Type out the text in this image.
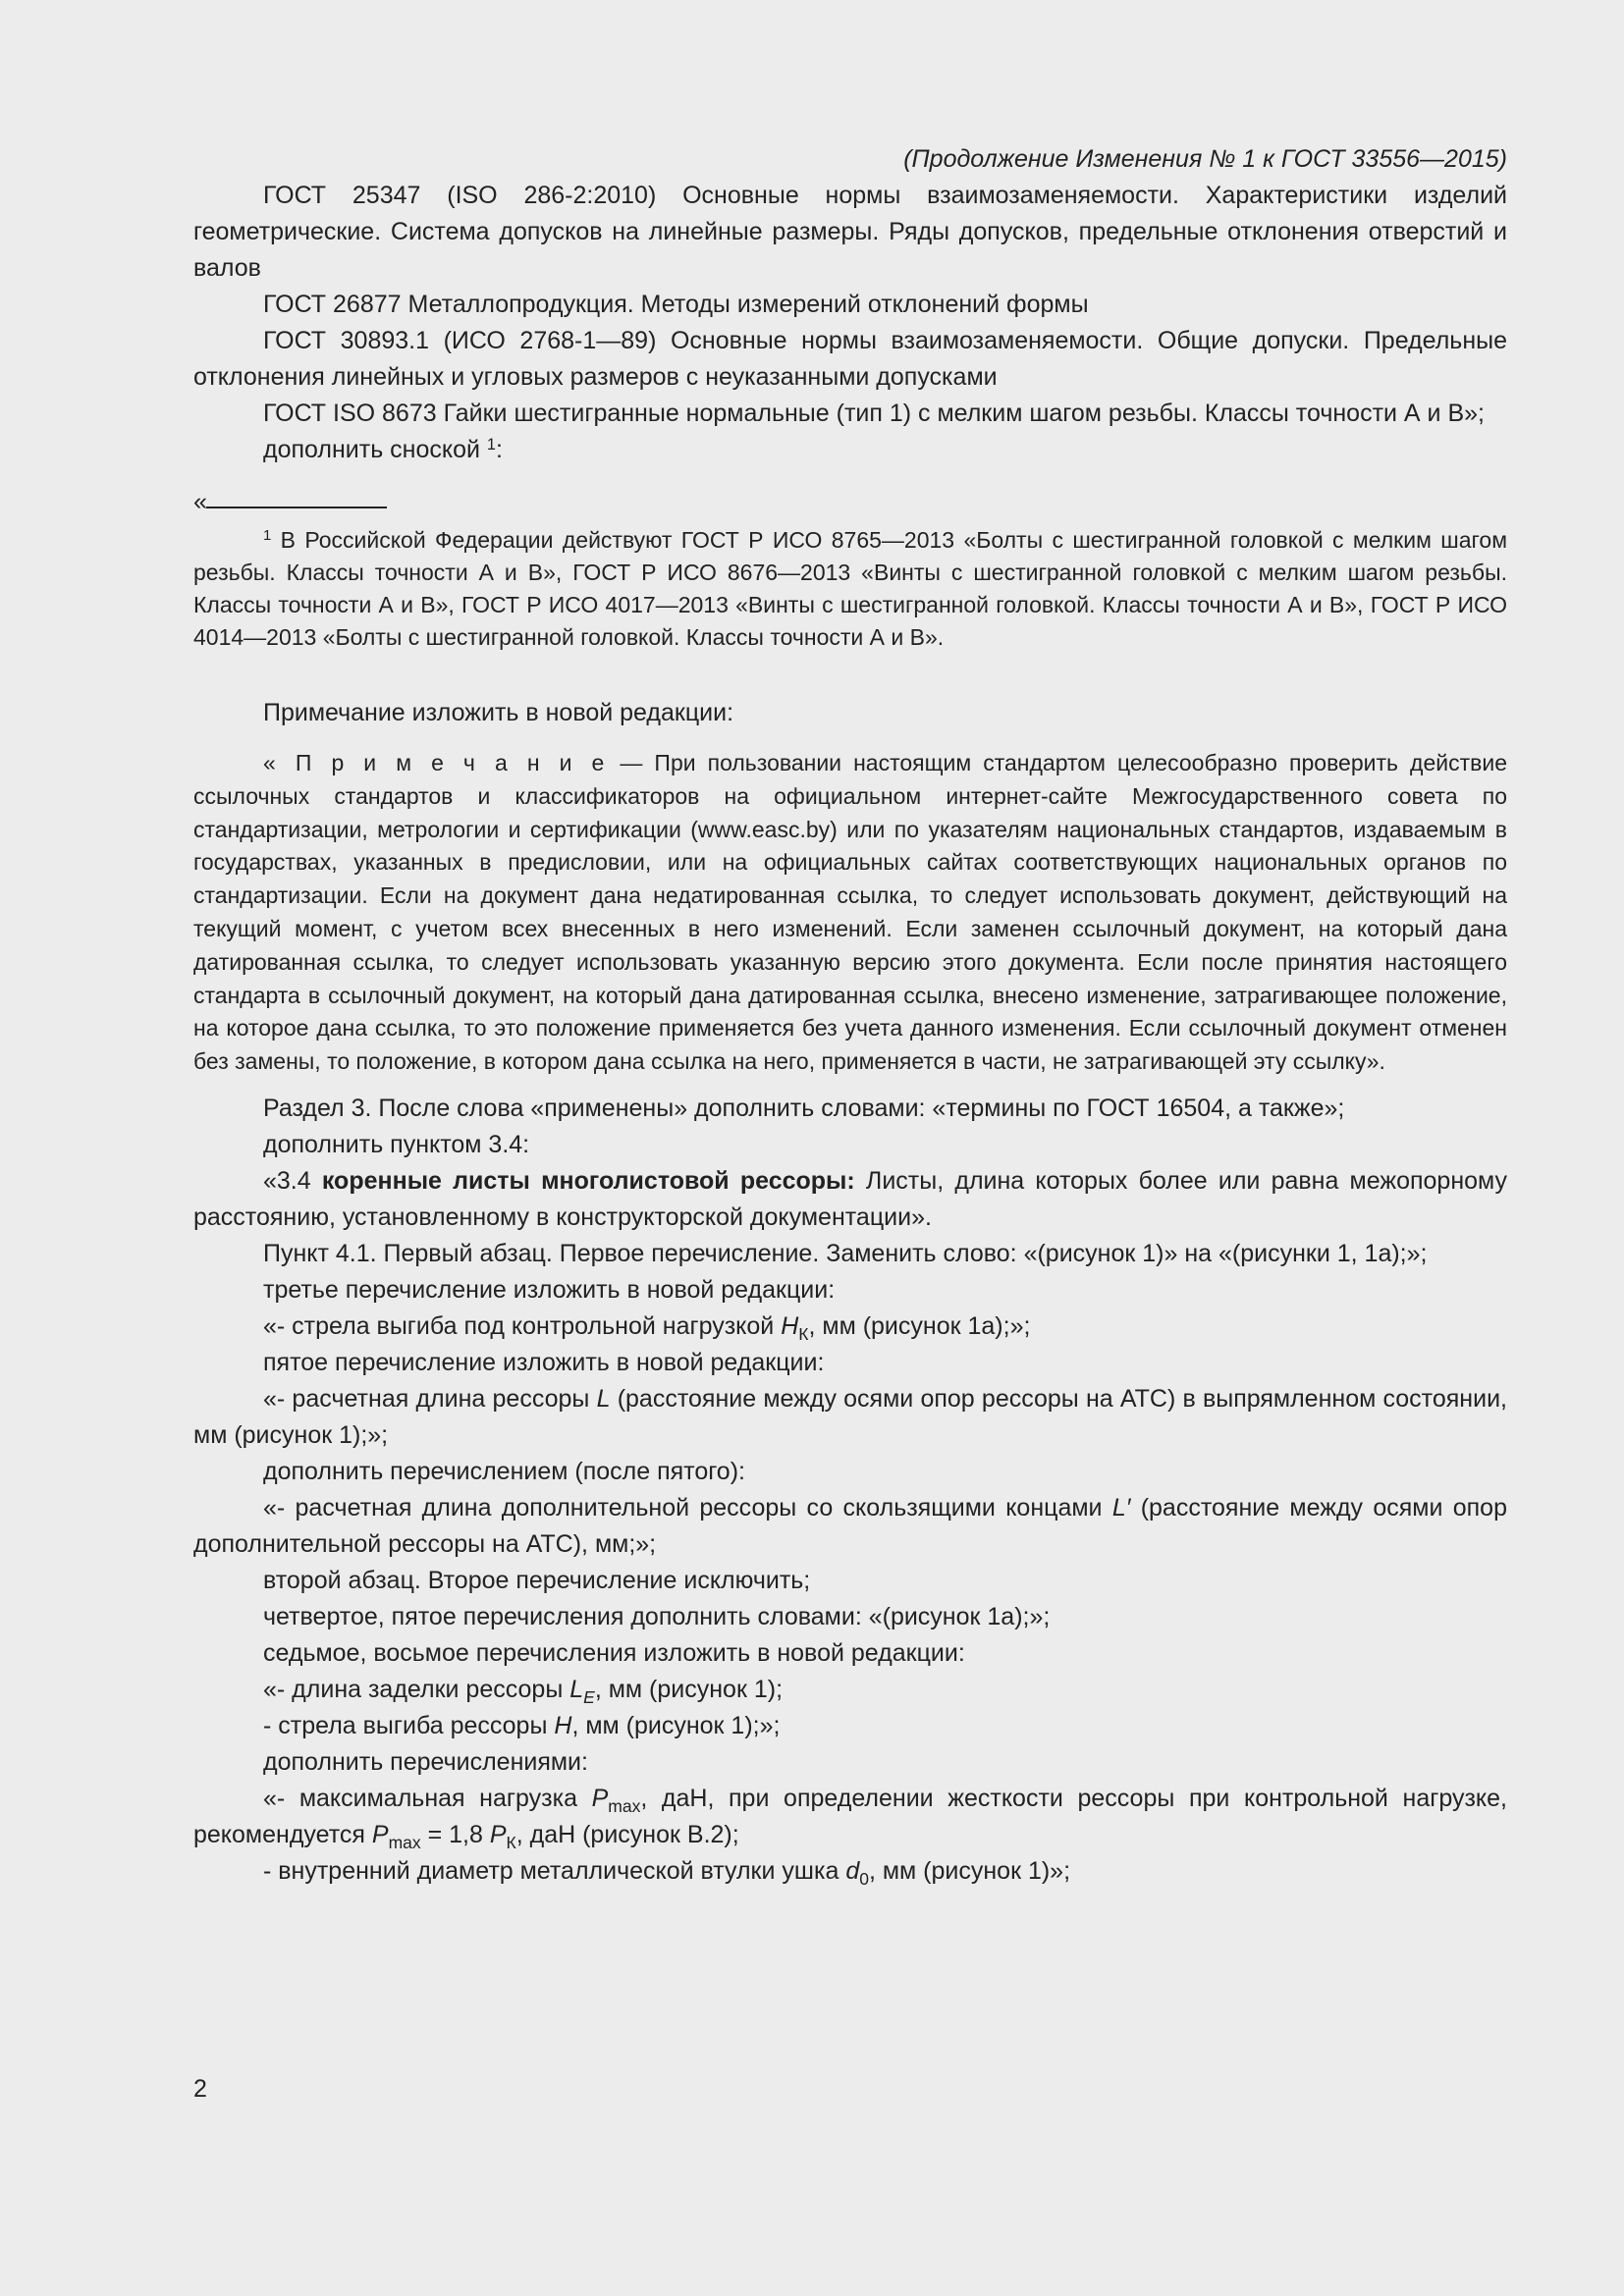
(Продолжение Изменения № 1 к ГОСТ 33556—2015)

ГОСТ 25347 (ISO 286-2:2010) Основные нормы взаимозаменяемости. Характеристики изделий геометрические. Система допусков на линейные размеры. Ряды допусков, предельные отклонения отверстий и валов

ГОСТ 26877 Металлопродукция. Методы измерений отклонений формы

ГОСТ 30893.1 (ИСО 2768-1—89) Основные нормы взаимозаменяемости. Общие допуски. Предельные отклонения линейных и угловых размеров с неуказанными допусками

ГОСТ ISO 8673 Гайки шестигранные нормальные (тип 1) с мелким шагом резьбы. Классы точности А и В»;

дополнить сноской $^1$:

«

$^1$ В Российской Федерации действуют ГОСТ Р ИСО 8765—2013 «Болты с шестигранной головкой с мелким шагом резьбы. Классы точности А и В», ГОСТ Р ИСО 8676—2013 «Винты с шестигранной головкой с мелким шагом резьбы. Классы точности А и В», ГОСТ Р ИСО 4017—2013 «Винты с шестигранной головкой. Классы точности А и В», ГОСТ Р ИСО 4014—2013 «Болты с шестигранной головкой. Классы точности А и В».

Примечание изложить в новой редакции:

« П р и м е ч а н и е — При пользовании настоящим стандартом целесообразно проверить действие ссылочных стандартов и классификаторов на официальном интернет-сайте Межгосударственного совета по стандартизации, метрологии и сертификации (www.easc.by) или по указателям национальных стандартов, издаваемым в государствах, указанных в предисловии, или на официальных сайтах соответствующих национальных органов по стандартизации. Если на документ дана недатированная ссылка, то следует использовать документ, действующий на текущий момент, с учетом всех внесенных в него изменений. Если заменен ссылочный документ, на который дана датированная ссылка, то следует использовать указанную версию этого документа. Если после принятия настоящего стандарта в ссылочный документ, на который дана датированная ссылка, внесено изменение, затрагивающее положение, на которое дана ссылка, то это положение применяется без учета данного изменения. Если ссылочный документ отменен без замены, то положение, в котором дана ссылка на него, применяется в части, не затрагивающей эту ссылку».

Раздел 3. После слова «применены» дополнить словами: «термины по ГОСТ 16504, а также»;

дополнить пунктом 3.4:

«3.4 коренные листы многолистовой рессоры: Листы, длина которых более или равна межопорному расстоянию, установленному в конструкторской документации».

Пункт 4.1. Первый абзац. Первое перечисление. Заменить слово: «(рисунок 1)» на «(рисунки 1, 1а);»;

третье перечисление изложить в новой редакции:

«- стрела выгиба под контрольной нагрузкой $H_К$, мм (рисунок 1а);»;

пятое перечисление изложить в новой редакции:

«- расчетная длина рессоры L (расстояние между осями опор рессоры на АТС) в выпрямленном состоянии, мм (рисунок 1);»;

дополнить перечислением (после пятого):

«- расчетная длина дополнительной рессоры со скользящими концами L′ (расстояние между осями опор дополнительной рессоры на АТС), мм;»;

второй абзац. Второе перечисление исключить;

четвертое, пятое перечисления дополнить словами: «(рисунок 1а);»;

седьмое, восьмое перечисления изложить в новой редакции:

«- длина заделки рессоры $L_E$, мм (рисунок 1);

- стрела выгиба рессоры H, мм (рисунок 1);»;

дополнить перечислениями:

«- максимальная нагрузка $P_{max}$, даН, при определении жесткости рессоры при контрольной нагрузке, рекомендуется $P_{max} = 1,8$ $P_К$, даН (рисунок В.2);

- внутренний диаметр металлической втулки ушка $d_0$, мм (рисунок 1)»;

2
